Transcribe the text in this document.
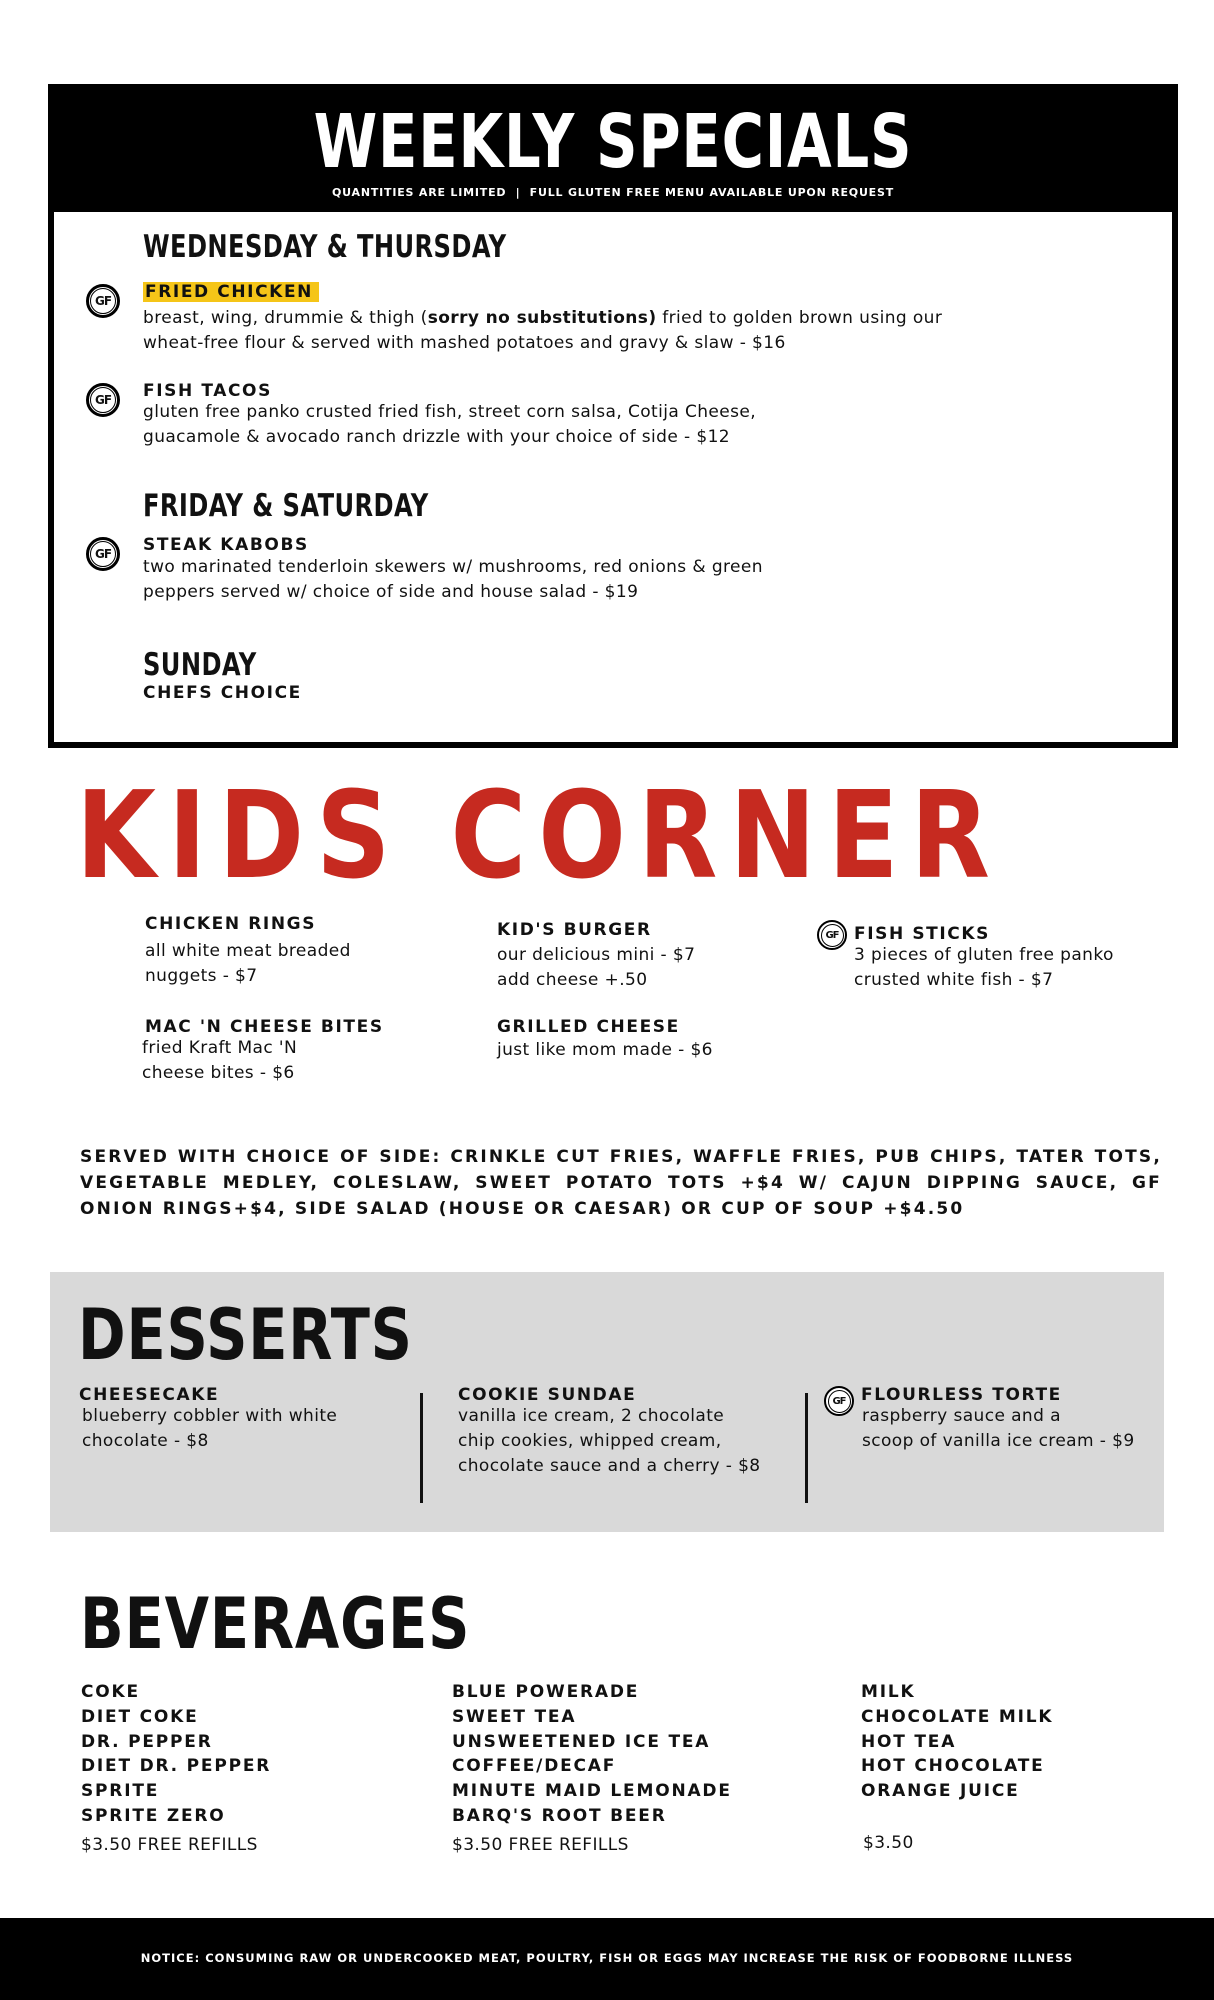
WEEKLY SPECIALS
QUANTITIES ARE LIMITED  |  FULL GLUTEN FREE MENU AVAILABLE UPON REQUEST
WEDNESDAY & THURSDAY
GF FRIED CHICKEN
breast, wing, drummie & thigh (sorry no substitutions) fried to golden brown using our
wheat-free flour & served with mashed potatoes and gravy & slaw - $16
GF FISH TACOS
gluten free panko crusted fried fish, street corn salsa, Cotija Cheese,
guacamole & avocado ranch drizzle with your choice of side - $12
FRIDAY & SATURDAY
GF STEAK KABOBS
two marinated tenderloin skewers w/ mushrooms, red onions & green
peppers served w/ choice of side and house salad - $19
SUNDAY
CHEFS CHOICE
KIDS CORNER
CHICKEN RINGS
all white meat breaded
nuggets - $7
MAC 'N CHEESE BITES
fried Kraft Mac 'N
cheese bites - $6
KID'S BURGER
our delicious mini - $7
add cheese +.50
GRILLED CHEESE
just like mom made - $6
GF FISH STICKS
3 pieces of gluten free panko
crusted white fish - $7
SERVED WITH CHOICE OF SIDE: CRINKLE CUT FRIES, WAFFLE FRIES, PUB CHIPS, TATER TOTS, VEGETABLE MEDLEY, COLESLAW, SWEET POTATO TOTS +$4 W/ CAJUN DIPPING SAUCE, GF ONION RINGS+$4, SIDE SALAD (HOUSE OR CAESAR) OR CUP OF SOUP +$4.50
DESSERTS
CHEESECAKE
blueberry cobbler with white
chocolate - $8
COOKIE SUNDAE
vanilla ice cream, 2 chocolate
chip cookies, whipped cream,
chocolate sauce and a cherry - $8
GF FLOURLESS TORTE
raspberry sauce and a
scoop of vanilla ice cream - $9
BEVERAGES
COKE
DIET COKE
DR. PEPPER
DIET DR. PEPPER
SPRITE
SPRITE ZERO
$3.50 FREE REFILLS
BLUE POWERADE
SWEET TEA
UNSWEETENED ICE TEA
COFFEE/DECAF
MINUTE MAID LEMONADE
BARQ'S ROOT BEER
$3.50 FREE REFILLS
MILK
CHOCOLATE MILK
HOT TEA
HOT CHOCOLATE
ORANGE JUICE
$3.50
NOTICE: CONSUMING RAW OR UNDERCOOKED MEAT, POULTRY, FISH OR EGGS MAY INCREASE THE RISK OF FOODBORNE ILLNESS
